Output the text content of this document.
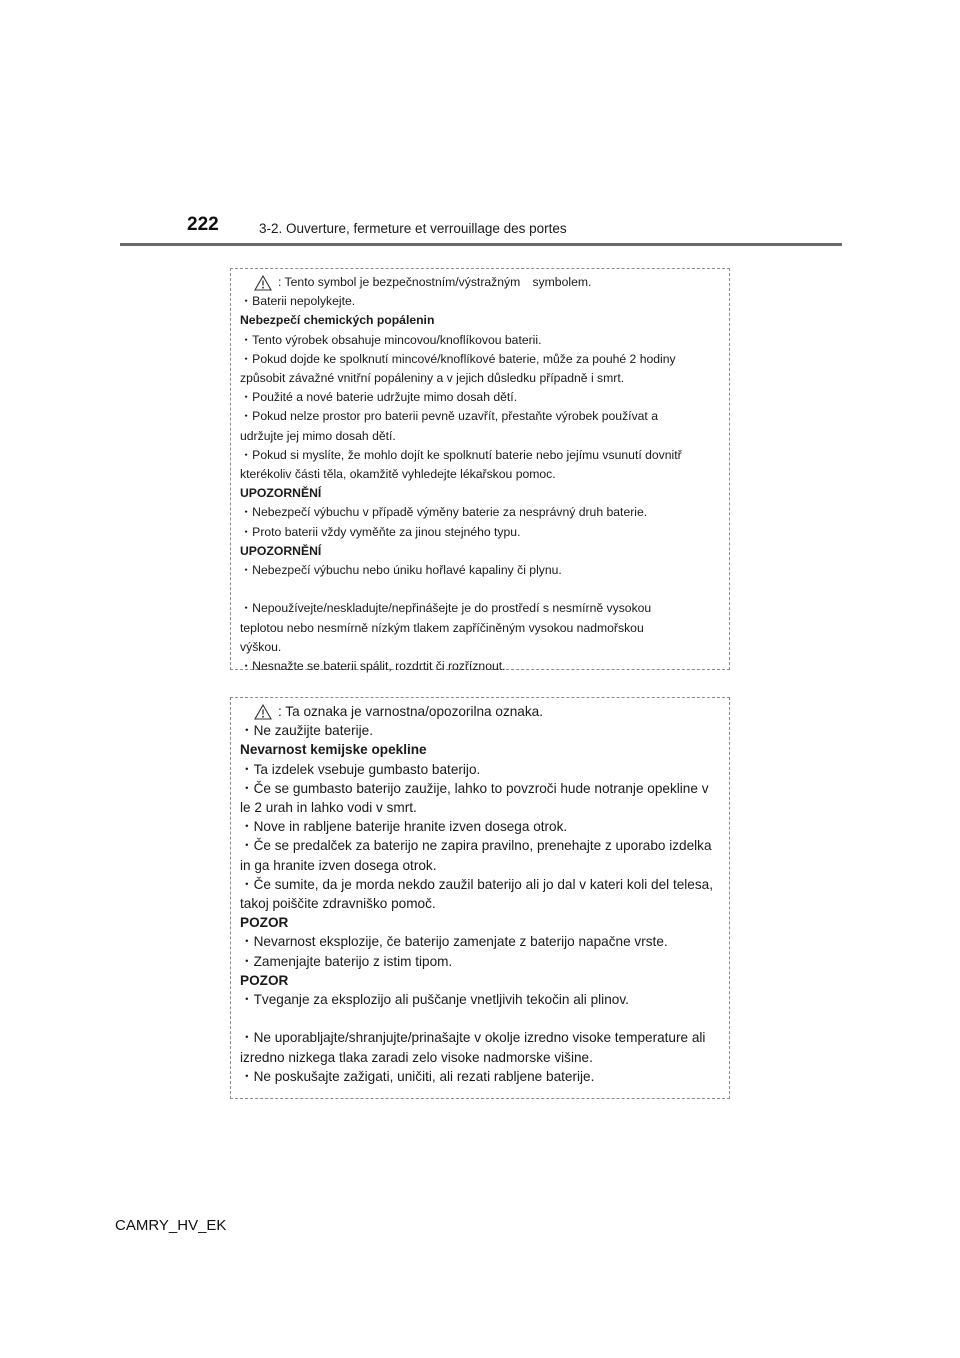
222	3-2. Ouverture, fermeture et verrouillage des portes
: Tento symbol je bezpečnostním/výstražným　symbolem.
・Baterii nepolykejte.
Nebezpečí chemických popálenin
・Tento výrobek obsahuje mincovou/knoflíkovou baterii.
・Pokud dojde ke spolknutí mincové/knoflíkové baterie, může za pouhé 2 hodiny
způsobit závažné vnitřní popáleniny a v jejich důsledku případně i smrt.
・Použité a nové baterie udržujte mimo dosah dětí.
・Pokud nelze prostor pro baterii pevně uzavřít, přestaňte výrobek používat a
udržujte jej mimo dosah dětí.
・Pokud si myslíte, že mohlo dojít ke spolknutí baterie nebo jejímu vsunutí dovnitř
kterékoliv části těla, okamžitě vyhledejte lékařskou pomoc.
UPOZORNĚNÍ
・Nebezpečí výbuchu v případě výměny baterie za nesprávný druh baterie.
・Proto baterii vždy vyměňte za jinou stejného typu.
UPOZORNĚNÍ
・Nebezpečí výbuchu nebo úniku hořlavé kapaliny či plynu.
・Nepoužívejte/neskladujte/nepřinášejte je do prostředí s nesmírně vysokou
teplotou nebo nesmírně nízkým tlakem zapříčiněným vysokou nadmořskou
výškou.
・Nesnažte se baterii spálit, rozdrtit či rozříznout.
: Ta oznaka je varnostna/opozorilna oznaka.
・Ne zaužijte baterije.
Nevarnost kemijske opekline
・Ta izdelek vsebuje gumbasto baterijo.
・Če se gumbasto baterijo zaužije, lahko to povzroči hude notranje opekline v
le 2 urah in lahko vodi v smrt.
・Nove in rabljene baterije hranite izven dosega otrok.
・Če se predalček za baterijo ne zapira pravilno, prenehajte z uporabo izdelka
in ga hranite izven dosega otrok.
・Če sumite, da je morda nekdo zaužil baterijo ali jo dal v kateri koli del telesa,
takoj poiščite zdravniško pomoč.
POZOR
・Nevarnost eksplozije, če baterijo zamenjate z baterijo napačne vrste.
・Zamenjajte baterijo z istim tipom.
POZOR
・Tveganje za eksplozijo ali puščanje vnetljivih tekočin ali plinov.
・Ne uporabljajte/shranjujte/prinašajte v okolje izredno visoke temperature ali
izredno nizkega tlaka zaradi zelo visoke nadmorske višine.
・Ne poskušajte zažigati, uničiti, ali rezati rabljene baterije.
CAMRY_HV_EK
